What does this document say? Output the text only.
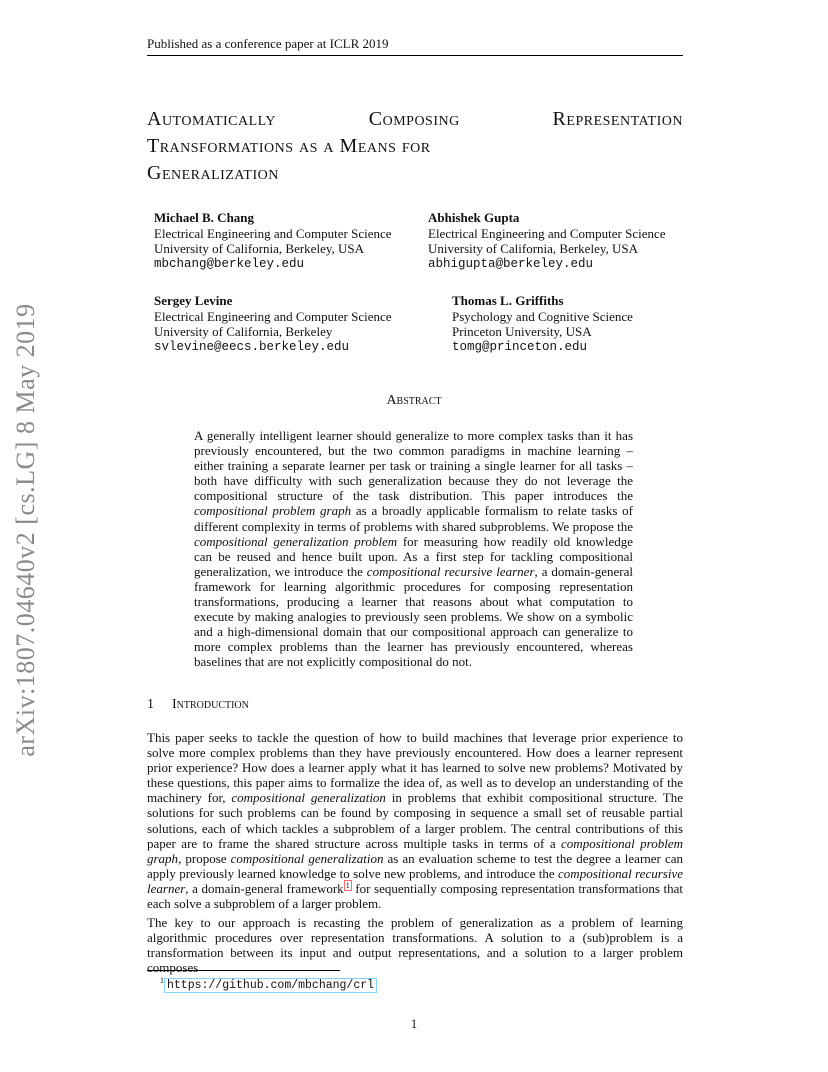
Published as a conference paper at ICLR 2019
arXiv:1807.04640v2 [cs.LG] 8 May 2019
Automatically Composing Representation
Transformations as a Means for
Generalization
Michael B. Chang
Electrical Engineering and Computer Science
University of California, Berkeley, USA
mbchang@berkeley.edu
Abhishek Gupta
Electrical Engineering and Computer Science
University of California, Berkeley, USA
abhigupta@berkeley.edu
Sergey Levine
Electrical Engineering and Computer Science
University of California, Berkeley
svlevine@eecs.berkeley.edu
Thomas L. Griffiths
Psychology and Cognitive Science
Princeton University, USA
tomg@princeton.edu
Abstract

A generally intelligent learner should generalize to more complex tasks than it has previously encountered, but the two common paradigms in machine learning – either training a separate learner per task or training a single learner for all tasks – both have difficulty with such generalization because they do not leverage the compositional structure of the task distribution. This paper introduces the compositional problem graph as a broadly applicable formalism to relate tasks of different complexity in terms of problems with shared subproblems. We propose the compositional generalization problem for measuring how readily old knowledge can be reused and hence built upon. As a first step for tackling compositional generalization, we introduce the compositional recursive learner, a domain-general framework for learning algorithmic procedures for composing representation transformations, producing a learner that reasons about what computation to execute by making analogies to previously seen problems. We show on a symbolic and a high-dimensional domain that our compositional approach can generalize to more complex problems than the learner has previously encountered, whereas baselines that are not explicitly compositional do not.

1 Introduction

This paper seeks to tackle the question of how to build machines that leverage prior experience to solve more complex problems than they have previously encountered. How does a learner represent prior experience? How does a learner apply what it has learned to solve new problems? Motivated by these questions, this paper aims to formalize the idea of, as well as to develop an understanding of the machinery for, compositional generalization in problems that exhibit compositional structure. The solutions for such problems can be found by composing in sequence a small set of reusable partial solutions, each of which tackles a subproblem of a larger problem. The central contributions of this paper are to frame the shared structure across multiple tasks in terms of a compositional problem graph, propose compositional generalization as an evaluation scheme to test the degree a learner can apply previously learned knowledge to solve new problems, and introduce the compositional recursive learner, a domain-general framework $^1$ for sequentially composing representation transformations that each solve a subproblem of a larger problem.

The key to our approach is recasting the problem of generalization as a problem of learning algorithmic procedures over representation transformations. A solution to a (sub)problem is a transformation between its input and output representations, and a solution to a larger problem composes

$^1$ https://github.com/mbchang/crl
1
